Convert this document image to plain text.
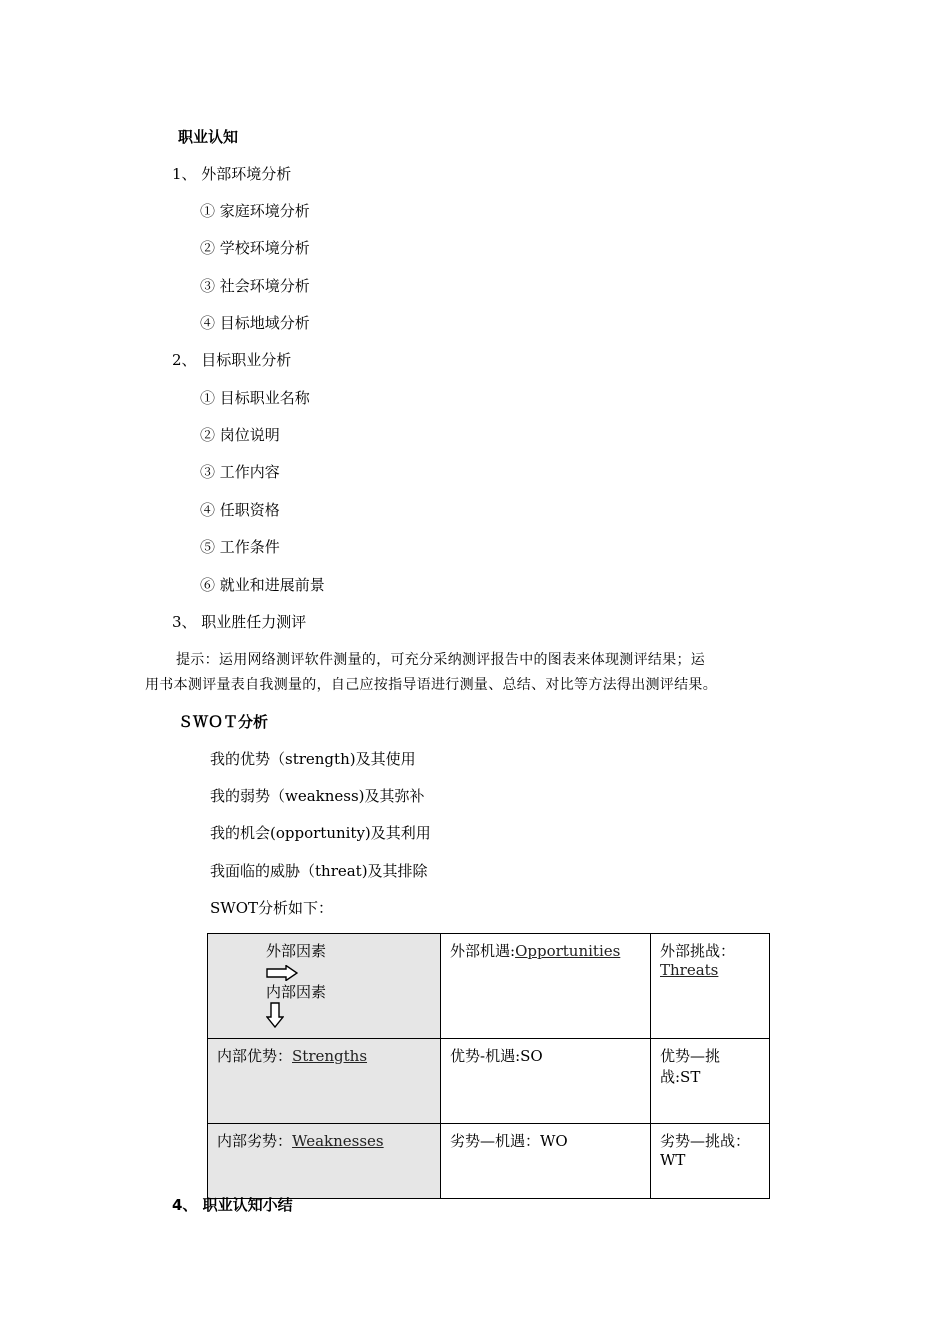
职业认知
1、 外部环境分析
① 家庭环境分析
② 学校环境分析
③ 社会环境分析
④ 目标地域分析
2、 目标职业分析
① 目标职业名称
② 岗位说明
③ 工作内容
④ 任职资格
⑤ 工作条件
⑥ 就业和进展前景
3、 职业胜任力测评
提示：运用网络测评软件测量的，可充分采纳测评报告中的图表来体现测评结果；运
用书本测评量表自我测量的，自己应按指导语进行测量、总结、对比等方法得出测评结果。
ＳＷＯＴ分析
我的优势（strength)及其使用
我的弱势（weakness)及其弥补
我的机会(opportunity)及其利用
我面临的威胁（threat)及其排除
SWOT分析如下：
外部因素
内部因素	外部机遇:Opportunities	外部挑战：Threats
内部优势：Strengths	优势-机遇:SO	优势—挑战:ST
内部劣势：Weaknesses	劣势—机遇：WO	劣势—挑战：WT
4、 职业认知小结
